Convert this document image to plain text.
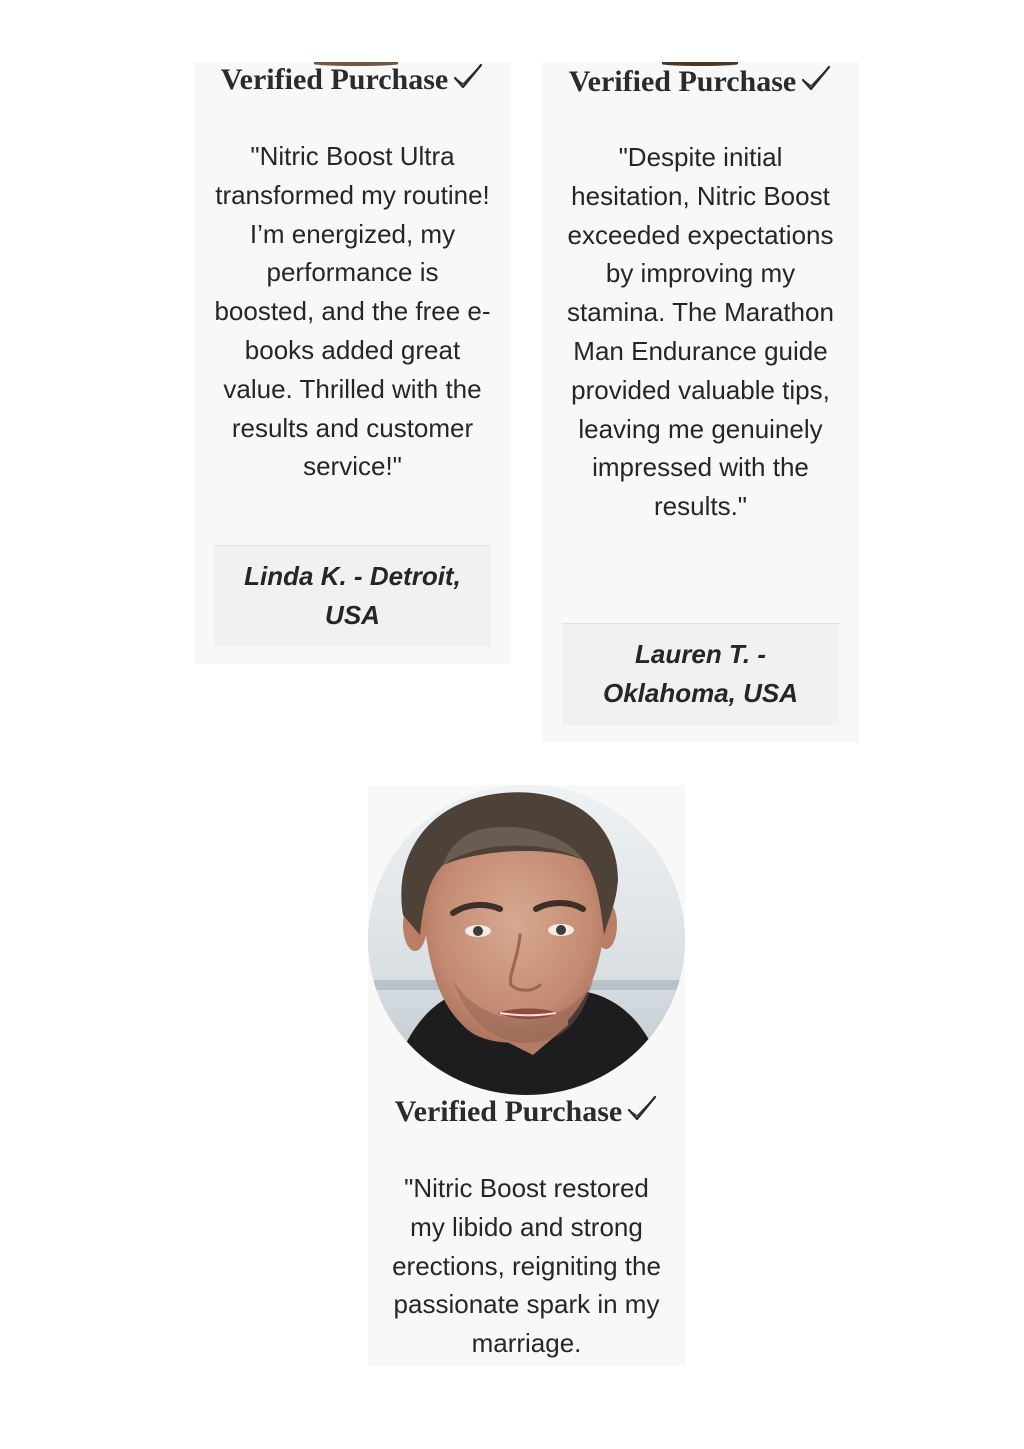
Verified Purchase
"Nitric Boost Ultra transformed my routine! I’m energized, my performance is boosted, and the free e-books added great value. Thrilled with the results and customer service!"
Linda K. - Detroit, USA
Verified Purchase
"Despite initial hesitation, Nitric Boost exceeded expectations by improving my stamina. The Marathon Man Endurance guide provided valuable tips, leaving me genuinely impressed with the results."
Lauren T. - Oklahoma, USA
Verified Purchase
"Nitric Boost restored my libido and strong erections, reigniting the passionate spark in my marriage.
